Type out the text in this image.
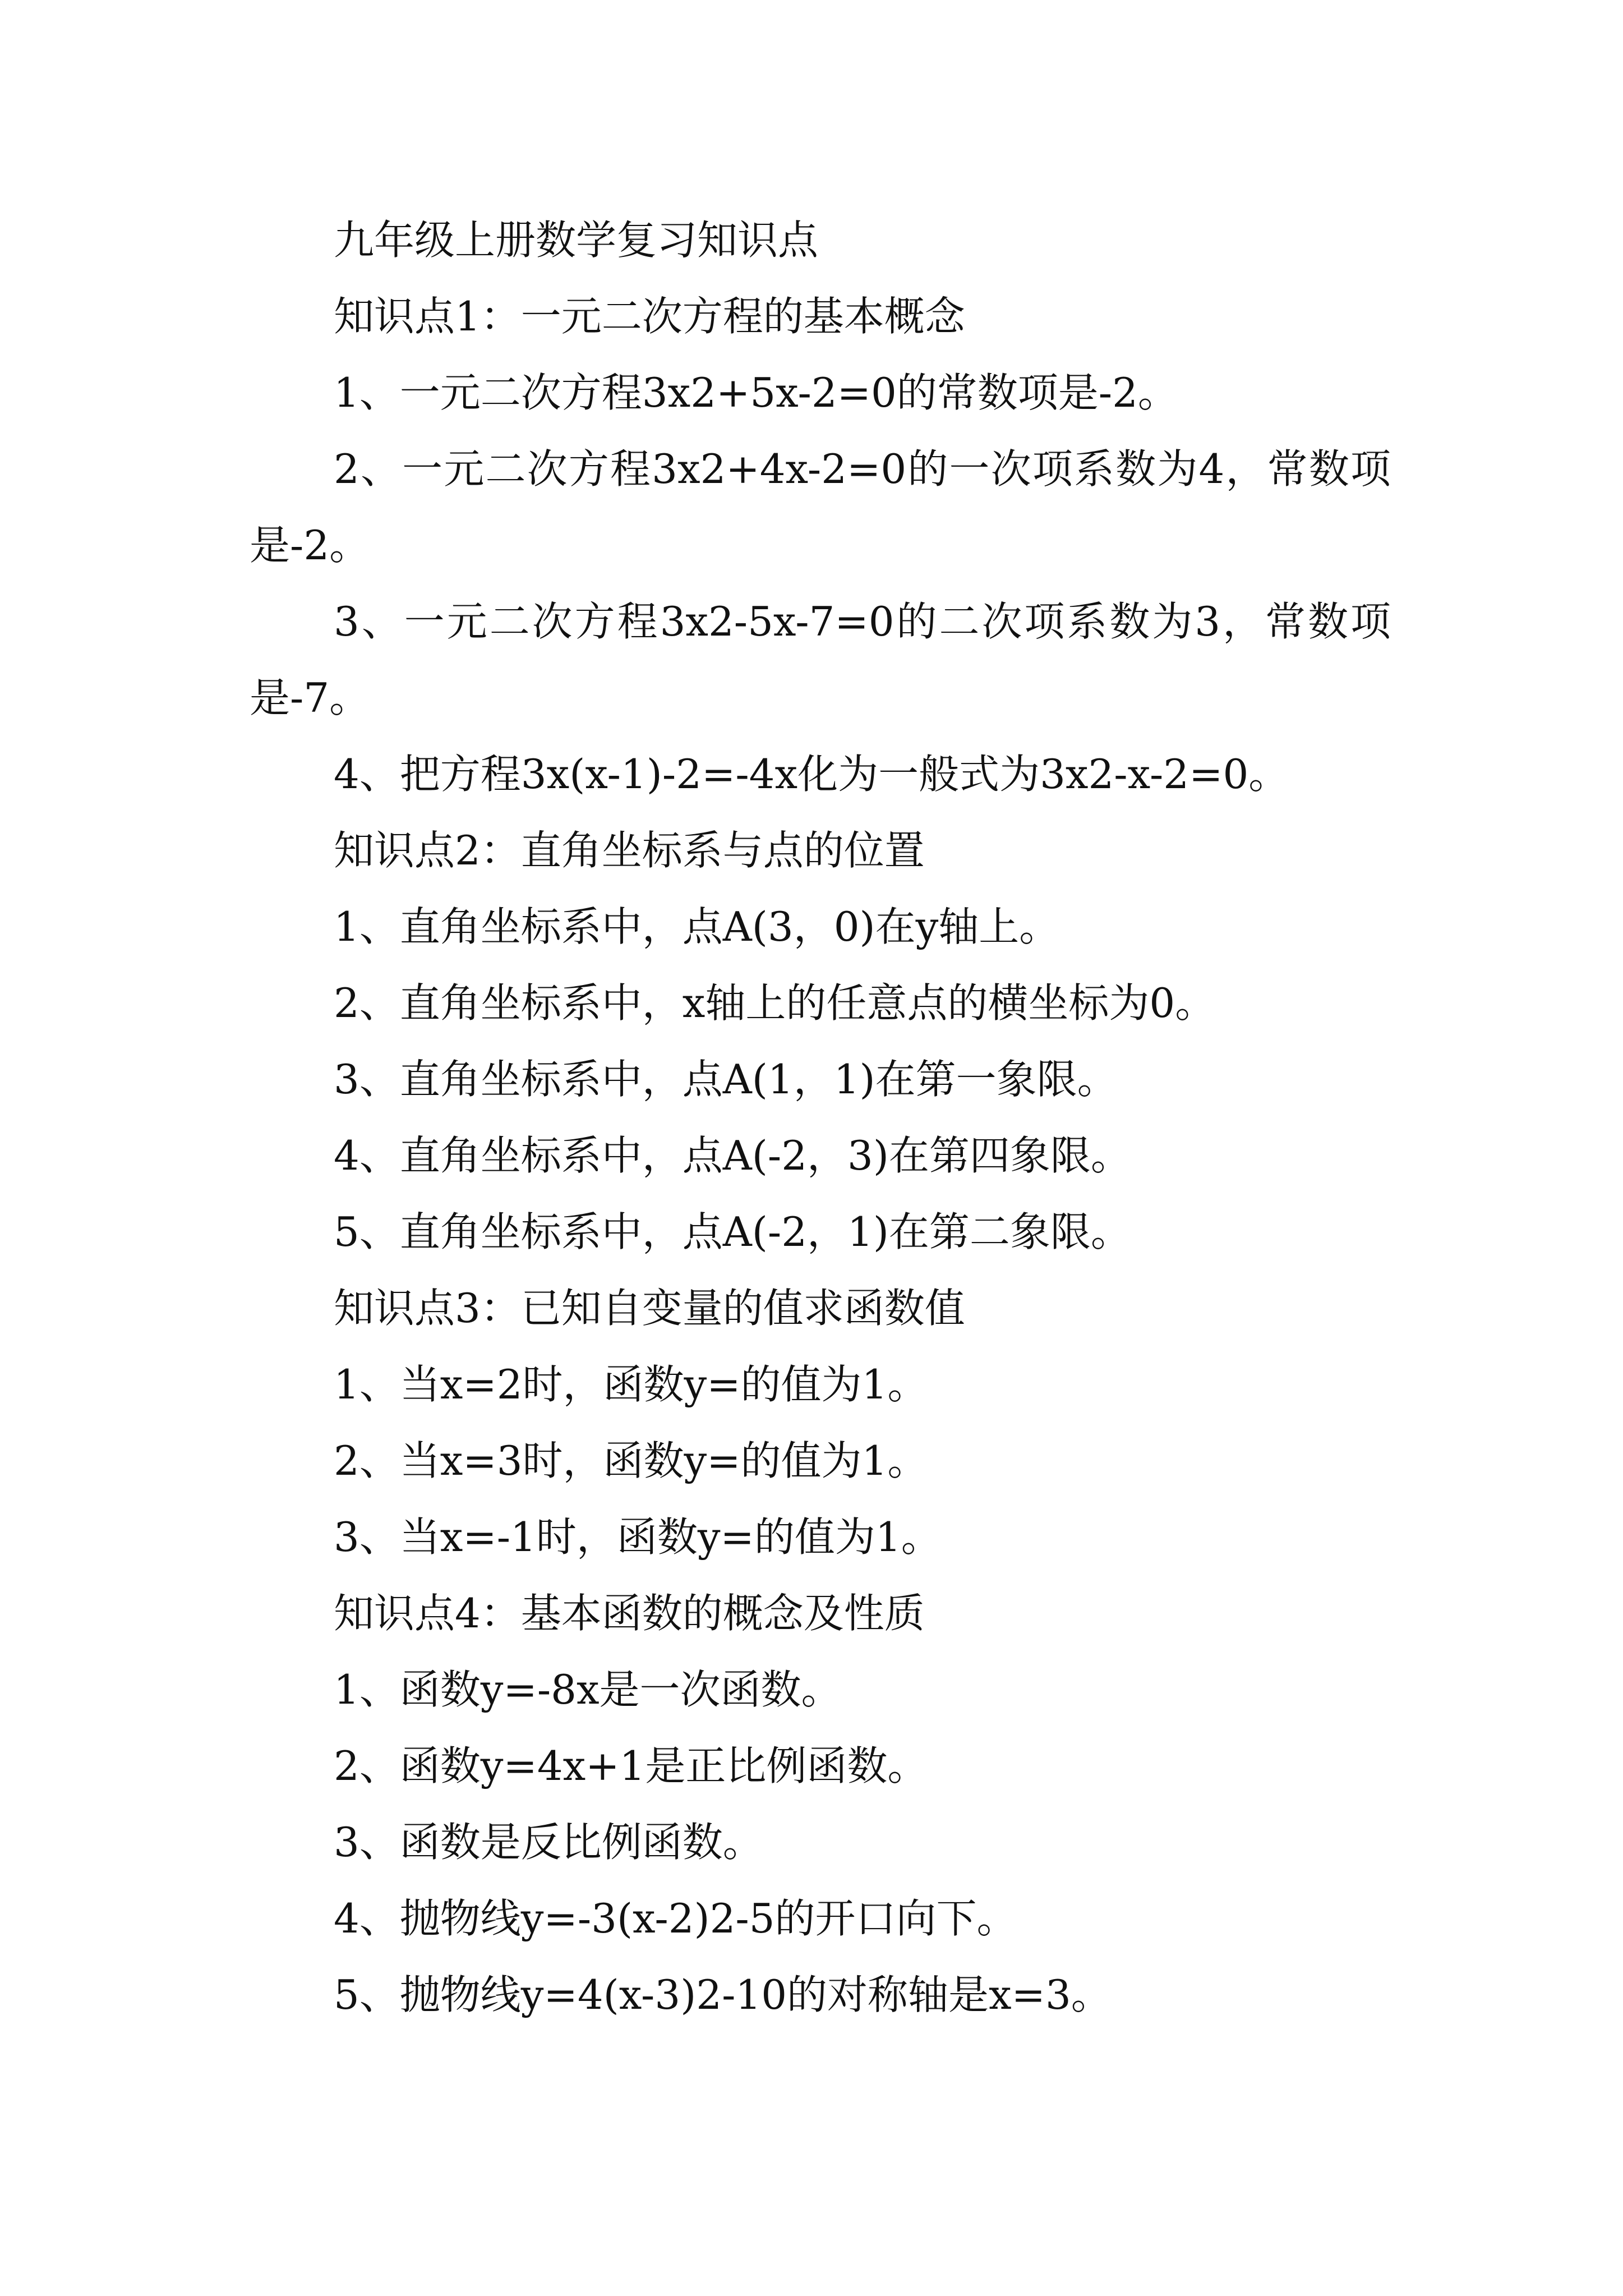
九年级上册数学复习知识点

知识点1：一元二次方程的基本概念

1、一元二次方程3x2+5x-2=0的常数项是-2。

2、一元二次方程3x2+4x-2=0的一次项系数为4，常数项是-2。

3、一元二次方程3x2-5x-7=0的二次项系数为3，常数项是-7。

4、把方程3x(x-1)-2=-4x化为一般式为3x2-x-2=0。

知识点2：直角坐标系与点的位置

1、直角坐标系中，点A(3，0)在y轴上。

2、直角坐标系中，x轴上的任意点的横坐标为0。

3、直角坐标系中，点A(1，1)在第一象限。

4、直角坐标系中，点A(-2，3)在第四象限。

5、直角坐标系中，点A(-2，1)在第二象限。

知识点3：已知自变量的值求函数值

1、当x=2时，函数y=的值为1。

2、当x=3时，函数y=的值为1。

3、当x=-1时，函数y=的值为1。

知识点4：基本函数的概念及性质

1、函数y=-8x是一次函数。

2、函数y=4x+1是正比例函数。

3、函数是反比例函数。

4、抛物线y=-3(x-2)2-5的开口向下。

5、抛物线y=4(x-3)2-10的对称轴是x=3。
